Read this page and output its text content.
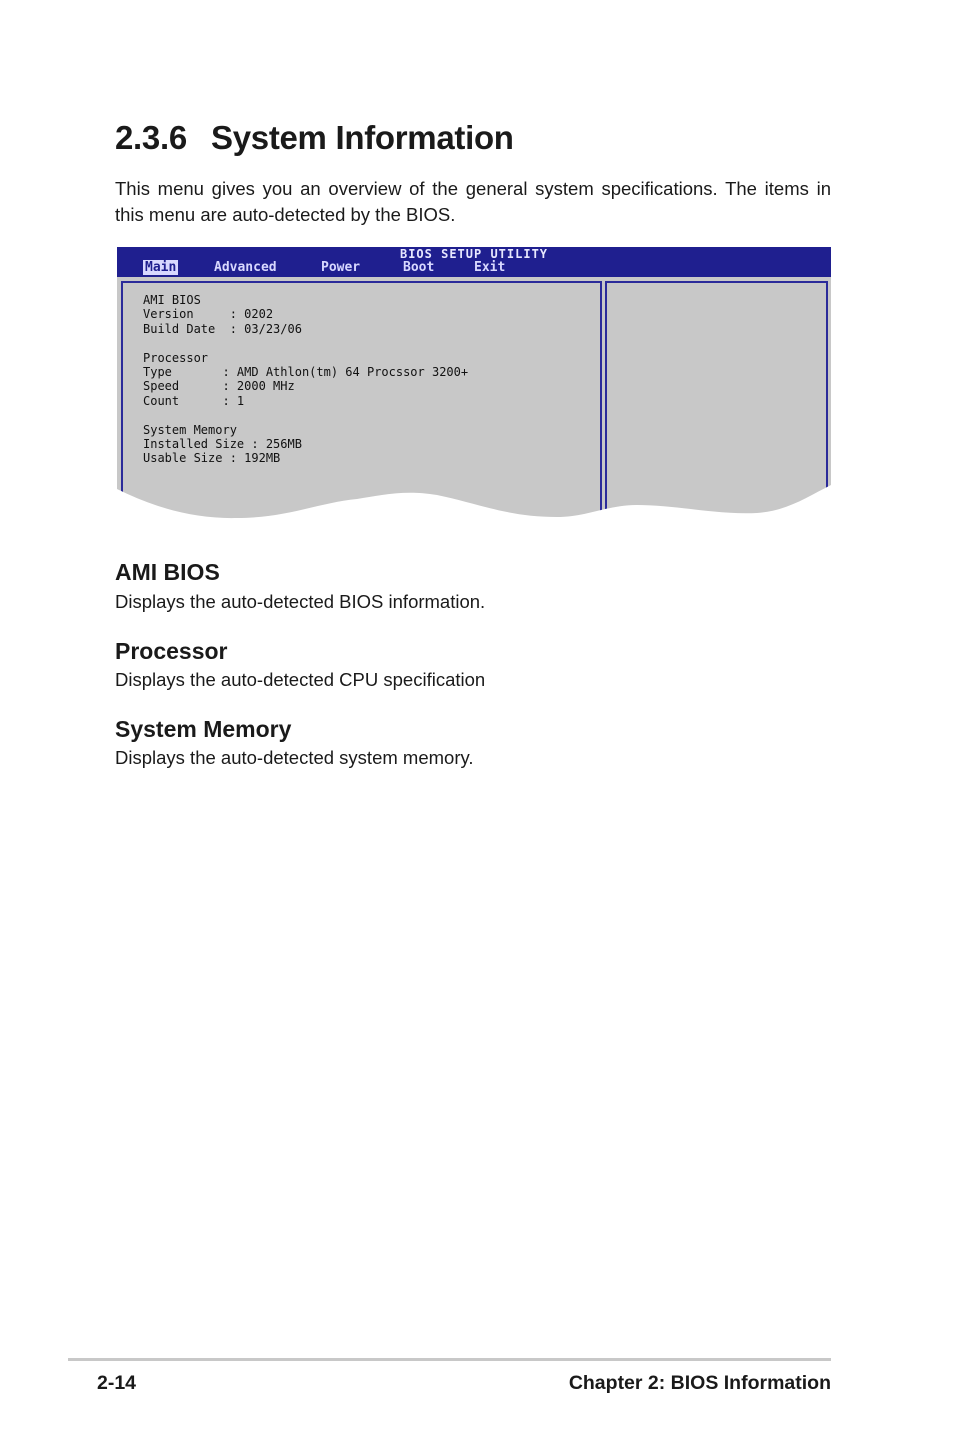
2.3.6 System Information

This menu gives you an overview of the general system specifications. The items in this menu are auto-detected by the BIOS.

BIOS SETUP UTILITY
Main	Advanced	Power	Boot	Exit
AMI BIOS
Version     : 0202
Build Date  : 03/23/06

Processor
Type       : AMD Athlon(tm) 64 Procssor 3200+
Speed      : 2000 MHz
Count      : 1

System Memory
Installed Size : 256MB
Usable Size : 192MB
AMI BIOS

Displays the auto-detected BIOS information.

Processor

Displays the auto-detected CPU specification

System Memory

Displays the auto-detected system memory.

2-14	Chapter 2: BIOS Information
